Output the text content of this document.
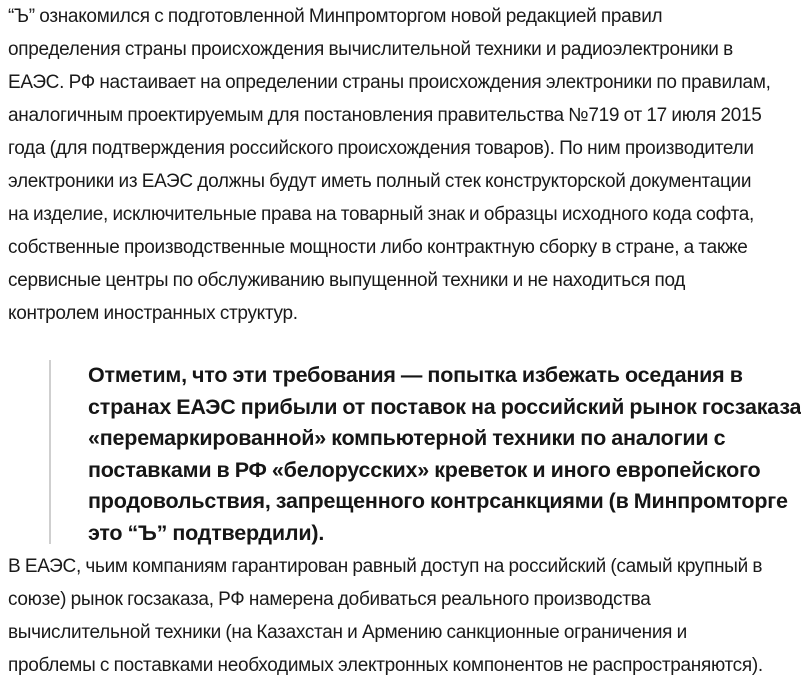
“Ъ” ознакомился с подготовленной Минпромторгом новой редакцией правил
определения страны происхождения вычислительной техники и радиоэлектроники в
ЕАЭС. РФ настаивает на определении страны происхождения электроники по правилам,
аналогичным проектируемым для постановления правительства №719 от 17 июля 2015
года (для подтверждения российского происхождения товаров). По ним производители
электроники из ЕАЭС должны будут иметь полный стек конструкторской документации
на изделие, исключительные права на товарный знак и образцы исходного кода софта,
собственные производственные мощности либо контрактную сборку в стране, а также
сервисные центры по обслуживанию выпущенной техники и не находиться под
контролем иностранных структур.

Отметим, что эти требования — попытка избежать оседания в
странах ЕАЭС прибыли от поставок на российский рынок госзаказа
«перемаркированной» компьютерной техники по аналогии с
поставками в РФ «белорусских» креветок и иного европейского
продовольствия, запрещенного контрсанкциями (в Минпромторге
это “Ъ” подтвердили).

В ЕАЭС, чьим компаниям гарантирован равный доступ на российский (самый крупный в
союзе) рынок госзаказа, РФ намерена добиваться реального производства
вычислительной техники (на Казахстан и Армению санкционные ограничения и
проблемы с поставками необходимых электронных компонентов не распространяются).
